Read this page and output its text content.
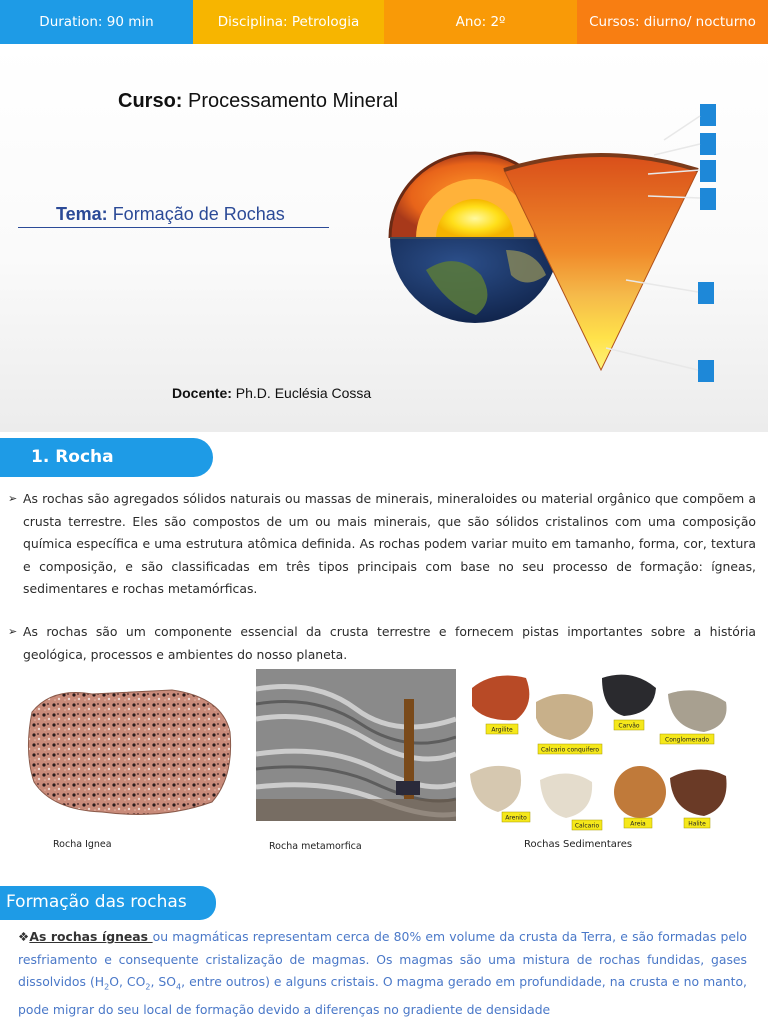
Duration: 90 min	Disciplina: Petrologia	Ano: 2º	Cursos: diurno/ nocturno
Curso: Processamento Mineral
Tema: Formação de Rochas
Docente: Ph.D. Euclésia Cossa
1. Rocha
➢ As rochas são agregados sólidos naturais ou massas de minerais, mineraloides ou material orgânico que compõem a crusta terrestre. Eles são compostos de um ou mais minerais, que são sólidos cristalinos com uma composição química específica e uma estrutura atômica definida. As rochas podem variar muito em tamanho, forma, cor, textura e composição, e são classificadas em três tipos principais com base no seu processo de formação: ígneas, sedimentares e rochas metamórficas.
➢ As rochas são um componente essencial da crusta terrestre e fornecem pistas importantes sobre a história geológica, processos e ambientes do nosso planeta.
Rocha Ignea	Rocha metamorfica
Argilite
Calcario conquifero
Carvão
Conglomerado
Arenito
Calcario	Areia	Halite
Rochas Sedimentares
Formação das rochas
❖As rochas ígneas ou magmáticas representam cerca de 80% em volume da crusta da Terra, e são formadas pelo resfriamento e consequente cristalização de magmas. Os magmas são uma mistura de rochas fundidas, gases dissolvidos ($H_2O$, $CO_2$, $SO_4$, entre outros) e alguns cristais. O magma gerado em profundidade, na crusta e no manto, pode migrar do seu local de formação devido a diferenças no gradiente de densidade
